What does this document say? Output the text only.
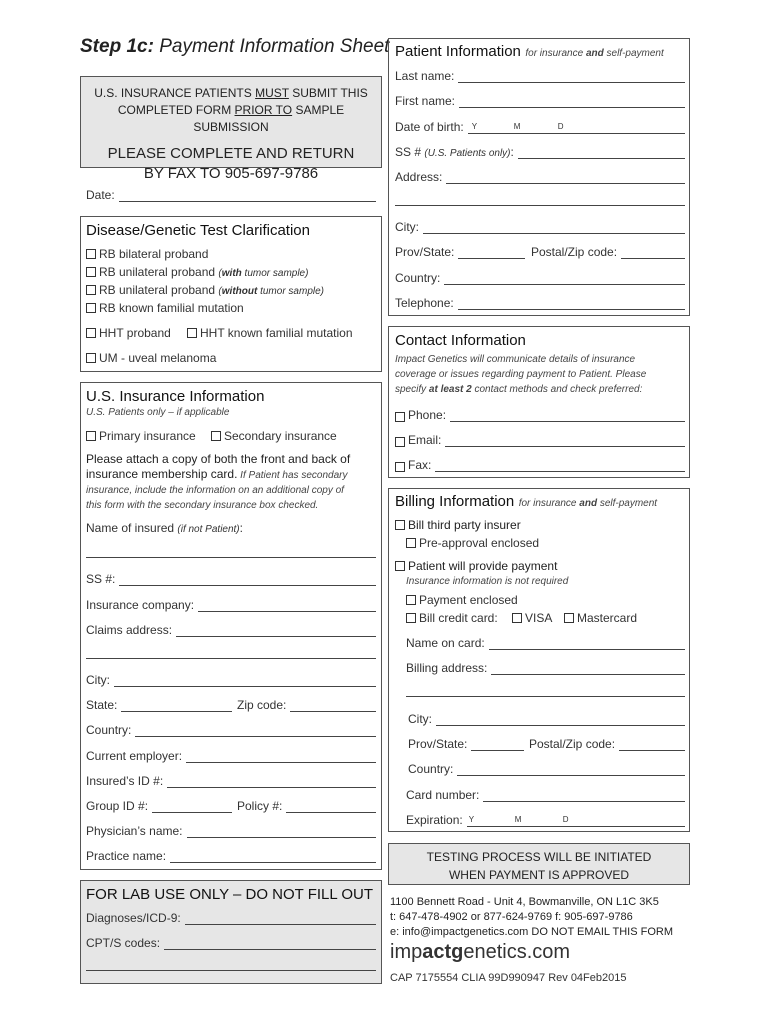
Step 1c: Payment Information Sheet
U.S. INSURANCE PATIENTS MUST SUBMIT THIS
COMPLETED FORM PRIOR TO SAMPLE SUBMISSION
PLEASE COMPLETE AND RETURN
BY FAX TO 905-697-9786
Date:
Disease/Genetic Test Clarification
RB bilateral proband
RB unilateral proband (with tumor sample)
RB unilateral proband (without tumor sample)
RB known familial mutation
HHT proband	HHT known familial mutation
UM - uveal melanoma
U.S. Insurance Information
U.S. Patients only – if applicable
Primary insurance	Secondary insurance
Please attach a copy of both the front and back of
insurance membership card. If Patient has secondary
insurance, include the information on an additional copy of
this form with the secondary insurance box checked.
Name of insured
(if not Patient) :
SS #:
Insurance company:
Claims address:
City:
State:	Zip code:
Country:
Current employer:
Insured’s ID #:
Group ID #:	Policy #:
Physician’s name:
Practice name:
FOR LAB USE ONLY – DO NOT FILL OUT
Diagnoses/ICD-9:
CPT/S codes:
Patient Information for insurance and self-payment
Last name:
First name:
Date of birth: Y	M	D
SS #
(U.S. Patients only) :
Address:
City:
Prov/State:	Postal/Zip code:
Country:
Telephone:
Contact Information
Impact Genetics will communicate details of insurance
coverage or issues regarding payment to Patient. Please
specify at least 2 contact methods and check preferred:
Phone:
Email:
Fax:
Billing Information for insurance and self-payment
Bill third party insurer
Pre-approval enclosed
Patient will provide payment
Insurance information is not required
Payment enclosed
Bill credit card:	VISA	Mastercard
Name on card:
Billing address:
City:
Prov/State:	Postal/Zip code:
Country:
Card number:
Expiration: Y	M	D
TESTING PROCESS WILL BE INITIATED
WHEN PAYMENT IS APPROVED
1100 Bennett Road - Unit 4, Bowmanville, ON L1C 3K5
t: 647-478-4902 or 877-624-9769 f: 905-697-9786
e: info@impactgenetics.com DO NOT EMAIL THIS FORM
impactgenetics.com
CAP 7175554 CLIA 99D990947 Rev 04Feb2015
